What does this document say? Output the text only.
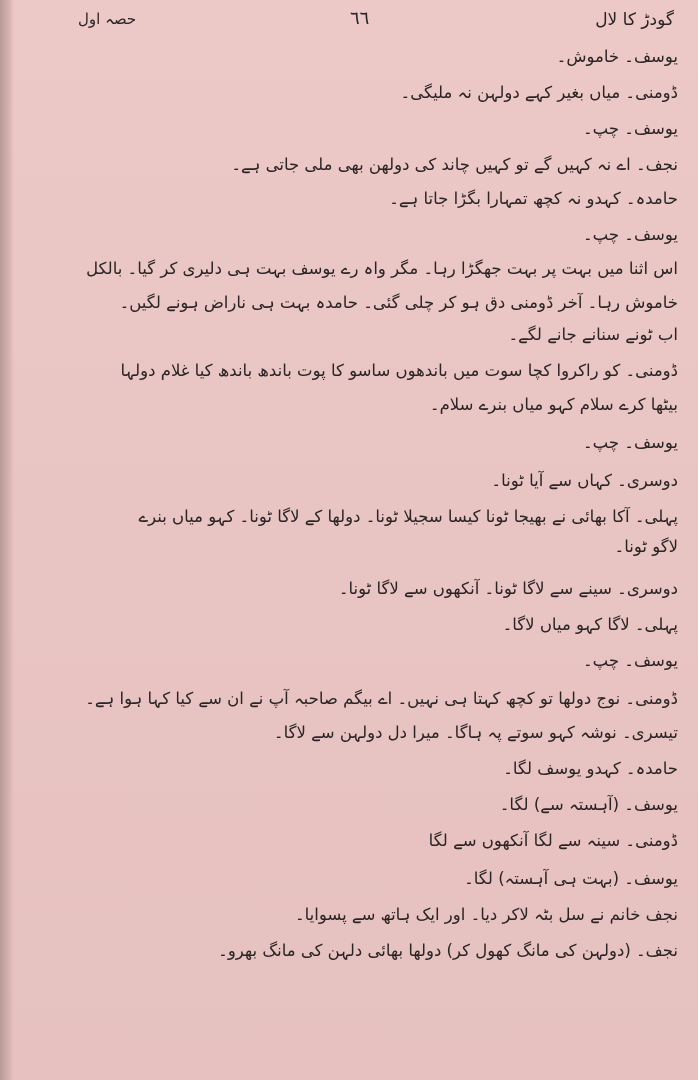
گودڑ کا لال
٦٦
حصہ اول

یوسف۔ خاموش۔

ڈومنی۔ میاں بغیر کہے دولہن نہ ملیگی۔

یوسف۔ چپ۔

نجف۔ اے نہ کہیں گے تو کہیں چاند کی دولھن بھی ملی جاتی ہے۔

حامدہ۔ کہدو نہ کچھ تمہارا بگڑا جاتا ہے۔

یوسف۔ چپ۔

اس اثنا میں بہت پر بہت جھگڑا رہا۔ مگر واہ رے یوسف بہت ہی دلیری کر گیا۔ بالکل

خاموش رہا۔ آخر ڈومنی دق ہو کر چلی گئی۔ حامدہ بہت ہی ناراض ہونے لگیں۔

اب ٹونے سنانے جانے لگے۔

ڈومنی۔ کو راکروا کچا سوت میں باندھوں ساسو کا پوت باندھ باندھ کیا غلام دولہا

بیٹھا کرے سلام کہو میاں بنرے سلام۔

یوسف۔ چپ۔

دوسری۔ کہاں سے آیا ٹونا۔

پہلی۔ آکا بھائی نے بھیجا ٹونا کیسا سجیلا ٹونا۔ دولھا کے لاگا ٹونا۔ کہو میاں بنرے

لاگو ٹونا۔

دوسری۔ سینے سے لاگا ٹونا۔ آنکھوں سے لاگا ٹونا۔

پہلی۔ لاگا کہو میاں لاگا۔

یوسف۔ چپ۔

ڈومنی۔ نوج دولھا تو کچھ کہتا ہی نہیں۔ اے بیگم صاحبہ آپ نے ان سے کیا کہا ہوا ہے۔

تیسری۔ نوشہ کہو سوتے پہ ہاگا۔ میرا دل دولہن سے لاگا۔

حامدہ۔ کہدو یوسف لگا۔

یوسف۔ (آہستہ سے) لگا۔

ڈومنی۔ سینہ سے لگا آنکھوں سے لگا

یوسف۔ (بہت ہی آہستہ) لگا۔

نجف خانم نے سل بٹہ لاکر دیا۔ اور ایک ہاتھ سے پسوایا۔

نجف۔ (دولہن کی مانگ کھول کر) دولھا بھائی دلہن کی مانگ بھرو۔
